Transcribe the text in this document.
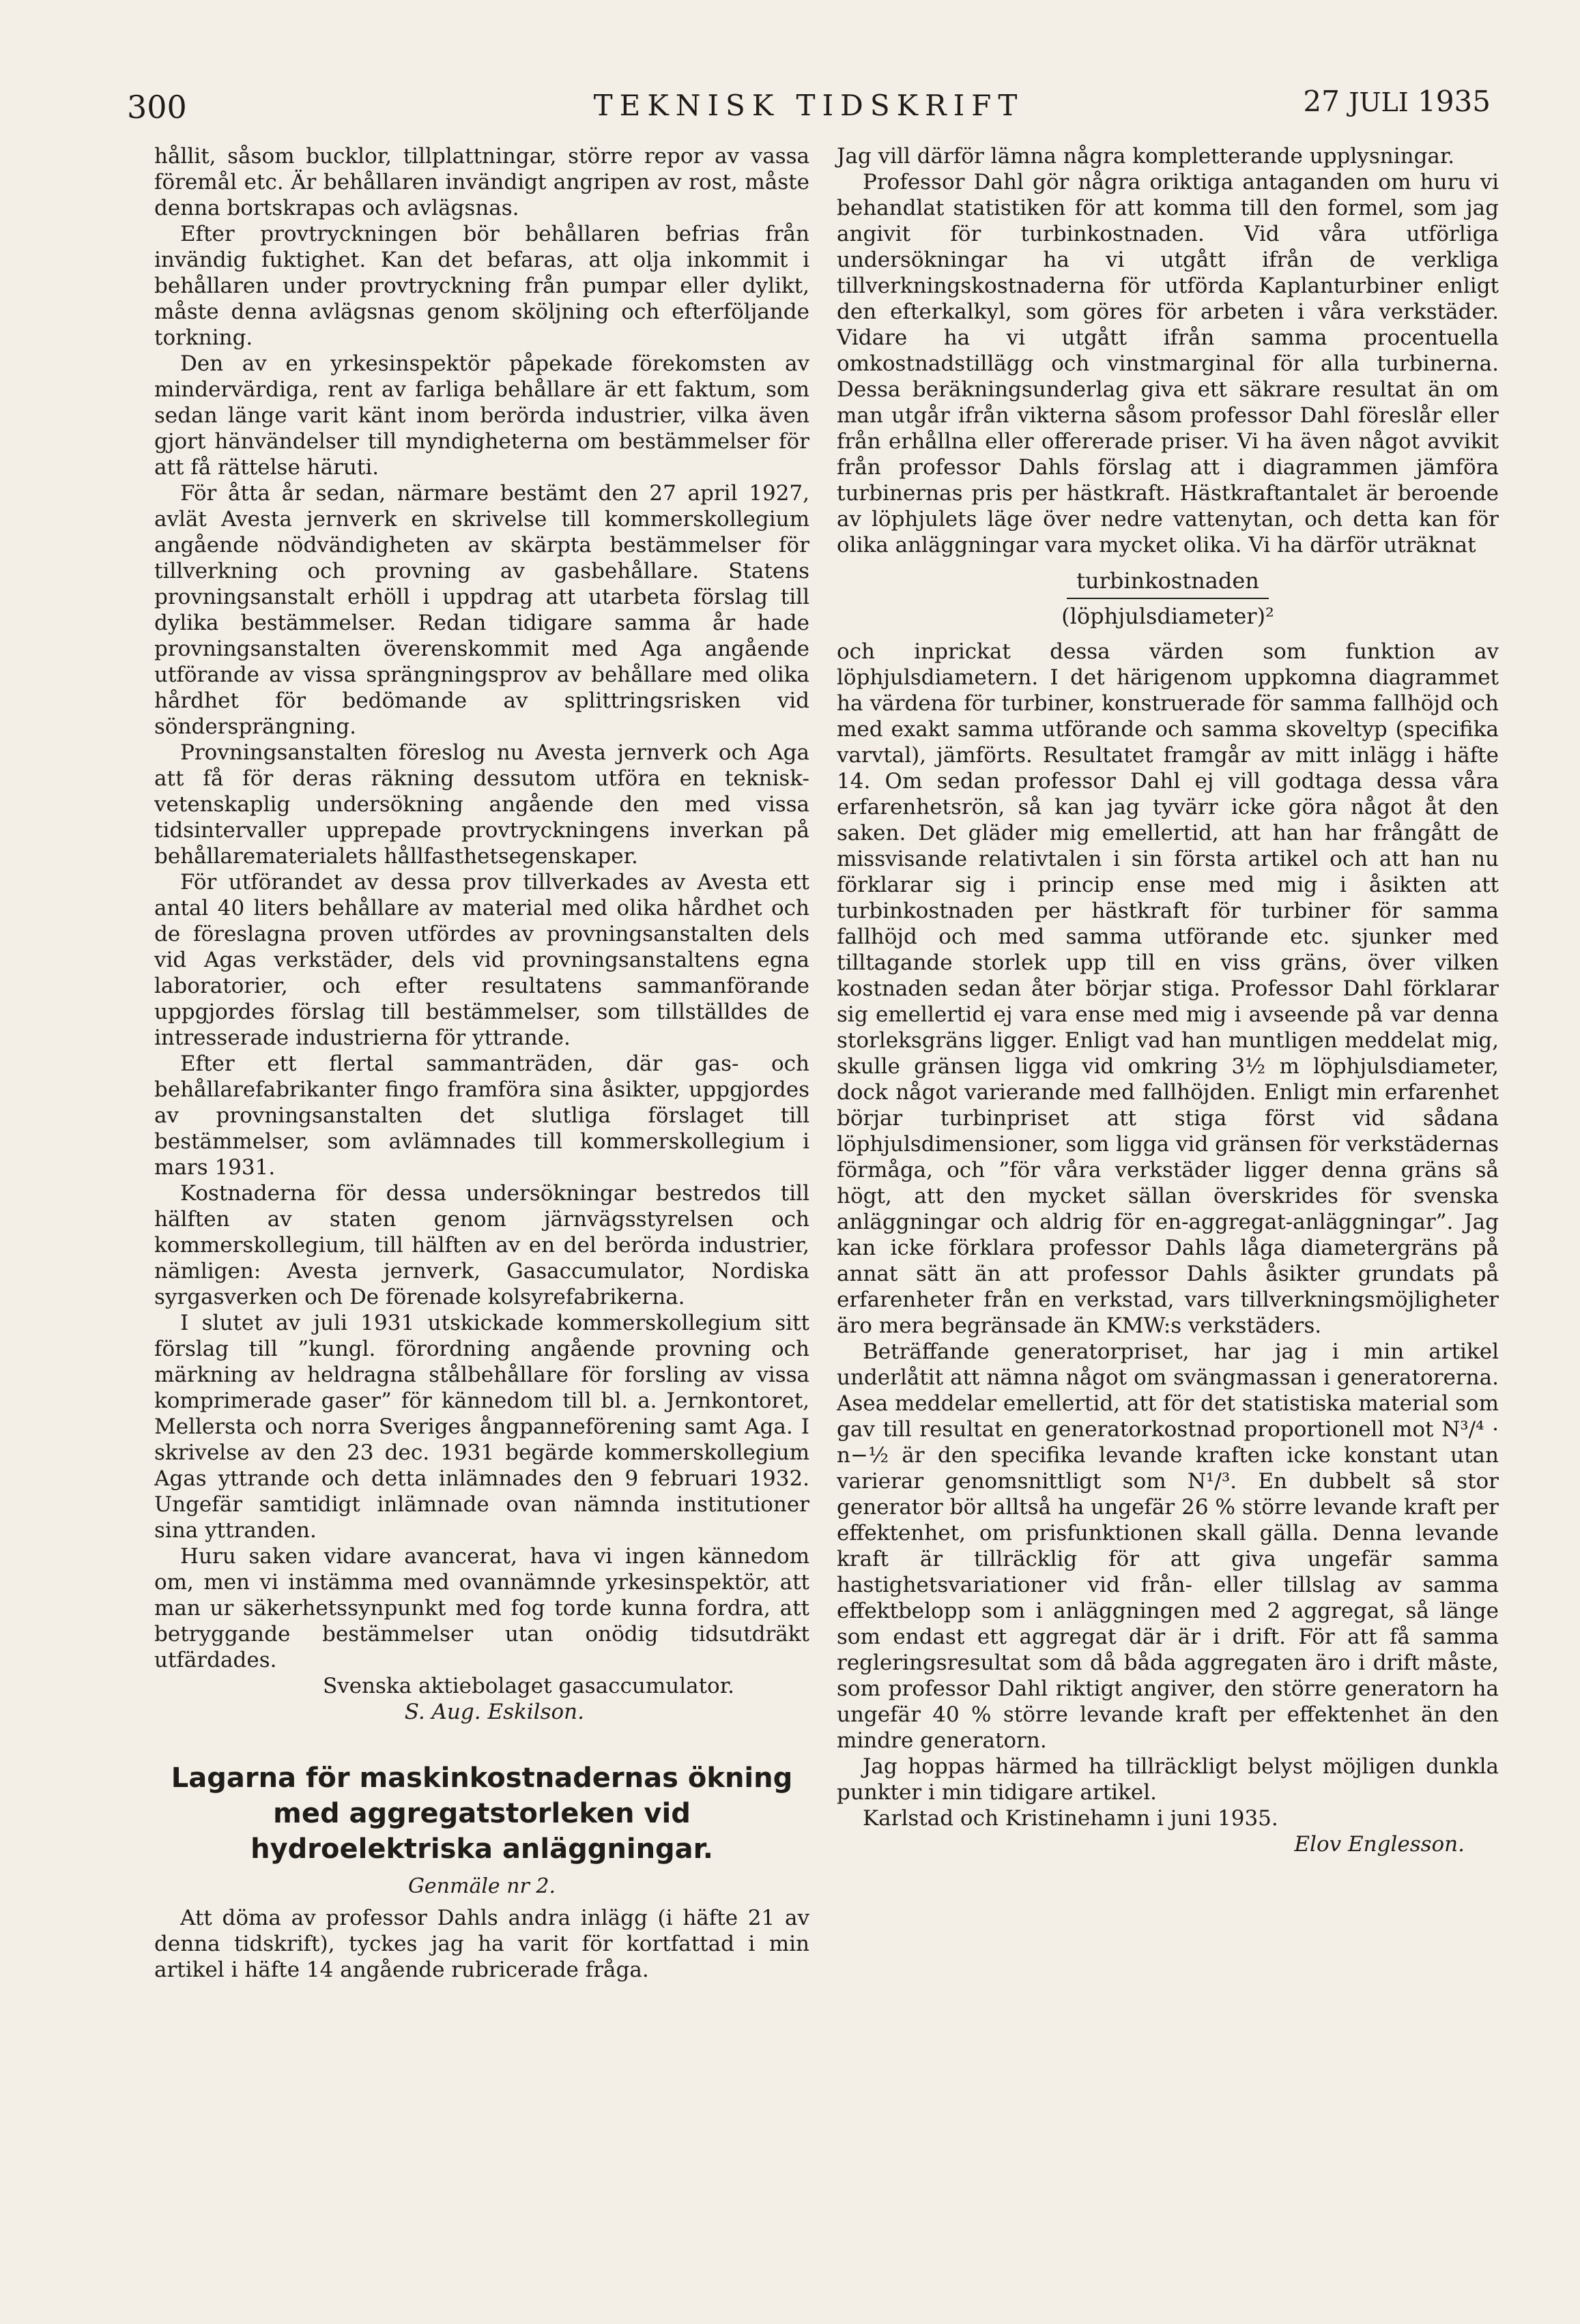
300	TEKNISK TIDSKRIFT	27 JULI 1935

hållit, såsom bucklor, tillplattningar, större repor av vassa föremål etc. Är behållaren invändigt angripen av rost, måste denna bortskrapas och avlägsnas.

Efter provtryckningen bör behållaren befrias från invändig fuktighet. Kan det befaras, att olja inkommit i behållaren under provtryckning från pumpar eller dylikt, måste denna avlägsnas genom sköljning och efterföljande torkning.

Den av en yrkesinspektör påpekade förekomsten av mindervärdiga, rent av farliga behållare är ett faktum, som sedan länge varit känt inom berörda industrier, vilka även gjort hänvändelser till myndigheterna om bestämmelser för att få rättelse häruti.

För åtta år sedan, närmare bestämt den 27 april 1927, avlät Avesta jernverk en skrivelse till kommerskollegium angående nödvändigheten av skärpta bestämmelser för tillverkning och provning av gasbehållare. Statens provningsanstalt erhöll i uppdrag att utarbeta förslag till dylika bestämmelser. Redan tidigare samma år hade provningsanstalten överenskommit med Aga angående utförande av vissa sprängningsprov av behållare med olika hårdhet för bedömande av splittringsrisken vid söndersprängning.

Provningsanstalten föreslog nu Avesta jernverk och Aga att få för deras räkning dessutom utföra en teknisk-vetenskaplig undersökning angående den med vissa tidsintervaller upprepade provtryckningens inverkan på behållarematerialets hållfasthetsegenskaper.

För utförandet av dessa prov tillverkades av Avesta ett antal 40 liters behållare av material med olika hårdhet och de föreslagna proven utfördes av provningsanstalten dels vid Agas verkstäder, dels vid provningsanstaltens egna laboratorier, och efter resultatens sammanförande uppgjordes förslag till bestämmelser, som tillställdes de intresserade industrierna för yttrande.

Efter ett flertal sammanträden, där gas- och behållarefabrikanter fingo framföra sina åsikter, uppgjordes av provningsanstalten det slutliga förslaget till bestämmelser, som avlämnades till kommerskollegium i mars 1931.

Kostnaderna för dessa undersökningar bestredos till hälften av staten genom järnvägsstyrelsen och kommerskollegium, till hälften av en del berörda industrier, nämligen: Avesta jernverk, Gasaccumulator, Nordiska syrgasverken och De förenade kolsyrefabrikerna.

I slutet av juli 1931 utskickade kommerskollegium sitt förslag till ”kungl. förordning angående provning och märkning av heldragna stålbehållare för forsling av vissa komprimerade gaser” för kännedom till bl. a. Jernkontoret, Mellersta och norra Sveriges ångpanneförening samt Aga. I skrivelse av den 23 dec. 1931 begärde kommerskollegium Agas yttrande och detta inlämnades den 9 februari 1932. Ungefär samtidigt inlämnade ovan nämnda institutioner sina yttranden.

Huru saken vidare avancerat, hava vi ingen kännedom om, men vi instämma med ovannämnde yrkesinspektör, att man ur säkerhetssynpunkt med fog torde kunna fordra, att betryggande bestämmelser utan onödig tidsutdräkt utfärdades.

Svenska aktiebolaget gasaccumulator.
S. Aug. Eskilson.
Lagarna för maskinkostnadernas ökning med aggregatstorleken vid hydroelektriska anläggningar.
Genmäle nr 2.

Att döma av professor Dahls andra inlägg (i häfte 21 av denna tidskrift), tyckes jag ha varit för kortfattad i min artikel i häfte 14 angående rubricerade fråga.

Jag vill därför lämna några kompletterande upplysningar.

Professor Dahl gör några oriktiga antaganden om huru vi behandlat statistiken för att komma till den formel, som jag angivit för turbinkostnaden. Vid våra utförliga undersökningar ha vi utgått ifrån de verkliga tillverkningskostnaderna för utförda Kaplanturbiner enligt den efterkalkyl, som göres för arbeten i våra verkstäder. Vidare ha vi utgått ifrån samma procentuella omkostnadstillägg och vinstmarginal för alla turbinerna. Dessa beräkningsunderlag giva ett säkrare resultat än om man utgår ifrån vikterna såsom professor Dahl föreslår eller från erhållna eller offererade priser. Vi ha även något avvikit från professor Dahls förslag att i diagrammen jämföra turbinernas pris per hästkraft. Hästkraftantalet är beroende av löphjulets läge över nedre vattenytan, och detta kan för olika anläggningar vara mycket olika. Vi ha därför uträknat

turbinkostnaden
(löphjulsdiameter)²

och inprickat dessa värden som funktion av löphjulsdiametern. I det härigenom uppkomna diagrammet ha värdena för turbiner, konstruerade för samma fallhöjd och med exakt samma utförande och samma skoveltyp (specifika varvtal), jämförts. Resultatet framgår av mitt inlägg i häfte 14. Om sedan professor Dahl ej vill godtaga dessa våra erfarenhetsrön, så kan jag tyvärr icke göra något åt den saken. Det gläder mig emellertid, att han har frångått de missvisande relativtalen i sin första artikel och att han nu förklarar sig i princip ense med mig i åsikten att turbinkostnaden per hästkraft för turbiner för samma fallhöjd och med samma utförande etc. sjunker med tilltagande storlek upp till en viss gräns, över vilken kostnaden sedan åter börjar stiga. Professor Dahl förklarar sig emellertid ej vara ense med mig i avseende på var denna storleksgräns ligger. Enligt vad han muntligen meddelat mig, skulle gränsen ligga vid omkring 3½ m löphjulsdiameter, dock något varierande med fallhöjden. Enligt min erfarenhet börjar turbinpriset att stiga först vid sådana löphjulsdimensioner, som ligga vid gränsen för verkstädernas förmåga, och ”för våra verkstäder ligger denna gräns så högt, att den mycket sällan överskrides för svenska anläggningar och aldrig för en-aggregat-anläggningar”. Jag kan icke förklara professor Dahls låga diametergräns på annat sätt än att professor Dahls åsikter grundats på erfarenheter från en verkstad, vars tillverkningsmöjligheter äro mera begränsade än KMW:s verkstäders.

Beträffande generatorpriset, har jag i min artikel underlåtit att nämna något om svängmassan i generatorerna. Asea meddelar emellertid, att för det statistiska material som gav till resultat en generatorkostnad proportionell mot N³/⁴ · n−½ är den specifika levande kraften icke konstant utan varierar genomsnittligt som N¹/³. En dubbelt så stor generator bör alltså ha ungefär 26 % större levande kraft per effektenhet, om prisfunktionen skall gälla. Denna levande kraft är tillräcklig för att giva ungefär samma hastighetsvariationer vid från- eller tillslag av samma effektbelopp som i anläggningen med 2 aggregat, så länge som endast ett aggregat där är i drift. För att få samma regleringsresultat som då båda aggregaten äro i drift måste, som professor Dahl riktigt angiver, den större generatorn ha ungefär 40 % större levande kraft per effektenhet än den mindre generatorn.

Jag hoppas härmed ha tillräckligt belyst möjligen dunkla punkter i min tidigare artikel.

Karlstad och Kristinehamn i juni 1935.

Elov Englesson.
